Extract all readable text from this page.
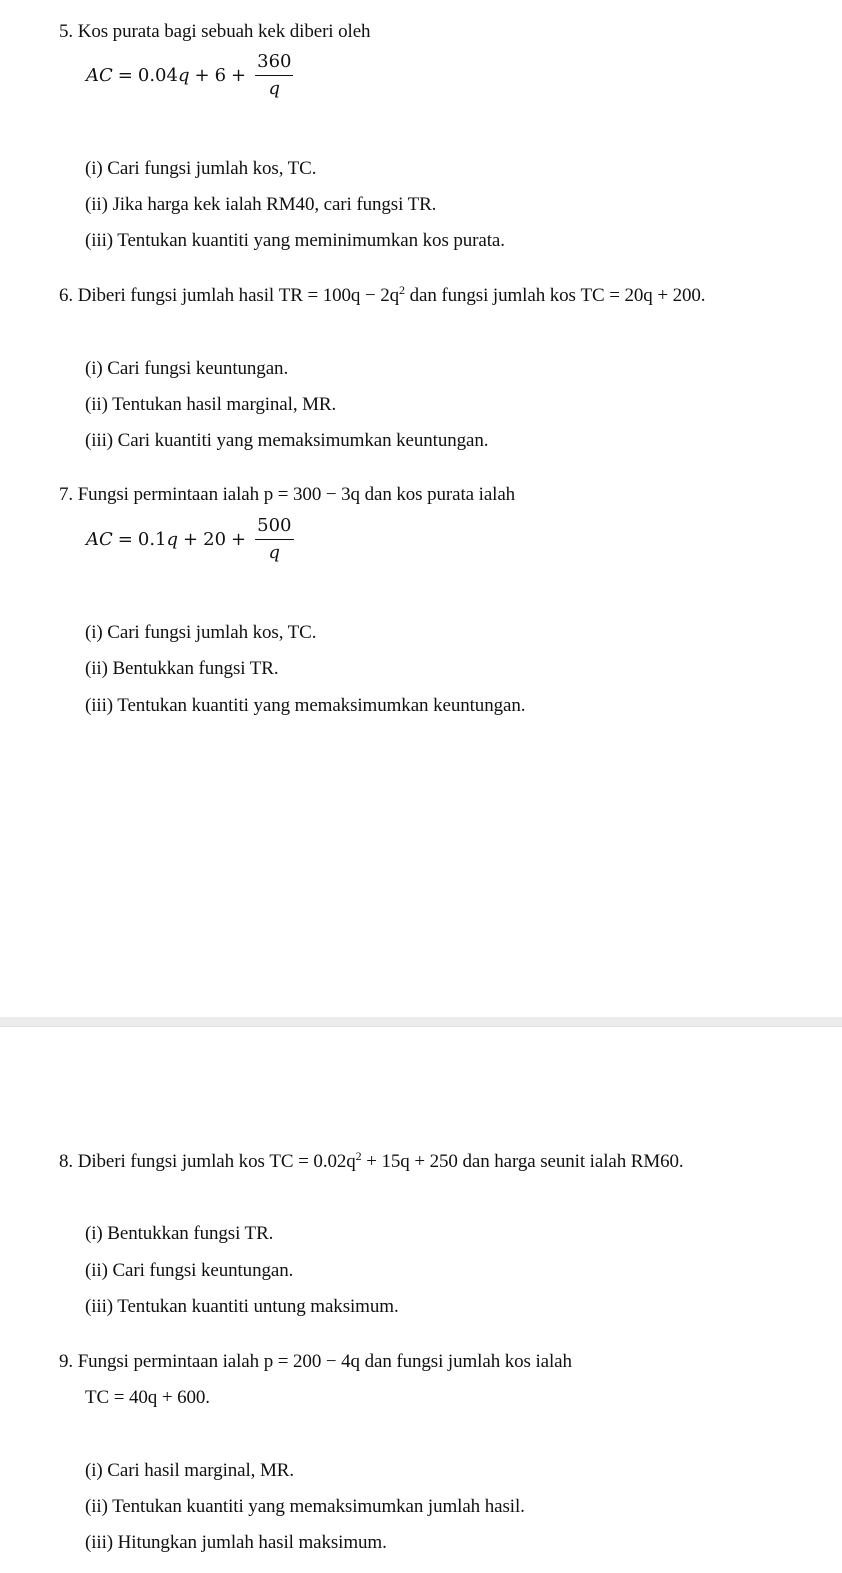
5. Kos purata bagi sebuah kek diberi oleh
AC = 0.04 $q + 6 + \frac{360}{q}$
(i) Cari fungsi jumlah kos, TC.
(ii) Jika harga kek ialah RM40, cari fungsi TR.
(iii) Tentukan kuantiti yang meminimumkan kos purata.
6. Diberi fungsi jumlah hasil TR = $100q - 2q^2$ dan fungsi jumlah kos TC = 20q + 200.
(i) Cari fungsi keuntungan.
(ii) Tentukan hasil marginal, MR.
(iii) Cari kuantiti yang memaksimumkan keuntungan.
7. Fungsi permintaan ialah p = 300 − 3q dan kos purata ialah
AC = 0.1 $q + 20 + \frac{500}{q}$
(i) Cari fungsi jumlah kos, TC.
(ii) Bentukkan fungsi TR.
(iii) Tentukan kuantiti yang memaksimumkan keuntungan.
8. Diberi fungsi jumlah kos TC = $0.02q^2 + 15q + 250$ dan harga seunit ialah RM60.
(i) Bentukkan fungsi TR.
(ii) Cari fungsi keuntungan.
(iii) Tentukan kuantiti untung maksimum.
9. Fungsi permintaan ialah p = 200 − 4q dan fungsi jumlah kos ialah
TC = 40q + 600.
(i) Cari hasil marginal, MR.
(ii) Tentukan kuantiti yang memaksimumkan jumlah hasil.
(iii) Hitungkan jumlah hasil maksimum.
